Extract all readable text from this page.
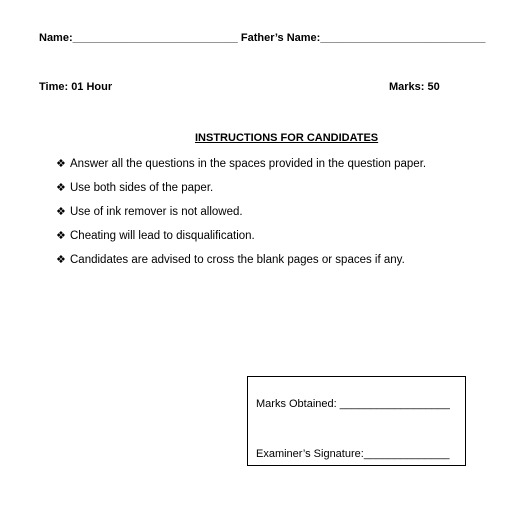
Name:___________________________ Father’s Name:___________________________
Time: 01 Hour	Marks: 50
INSTRUCTIONS FOR CANDIDATES
❖ Answer all the questions in the spaces provided in the question paper.
❖ Use both sides of the paper.
❖ Use of ink remover is not allowed.
❖ Cheating will lead to disqualification.
❖ Candidates are advised to cross the blank pages or spaces if any.
Marks Obtained: __________________
Examiner’s Signature:______________
